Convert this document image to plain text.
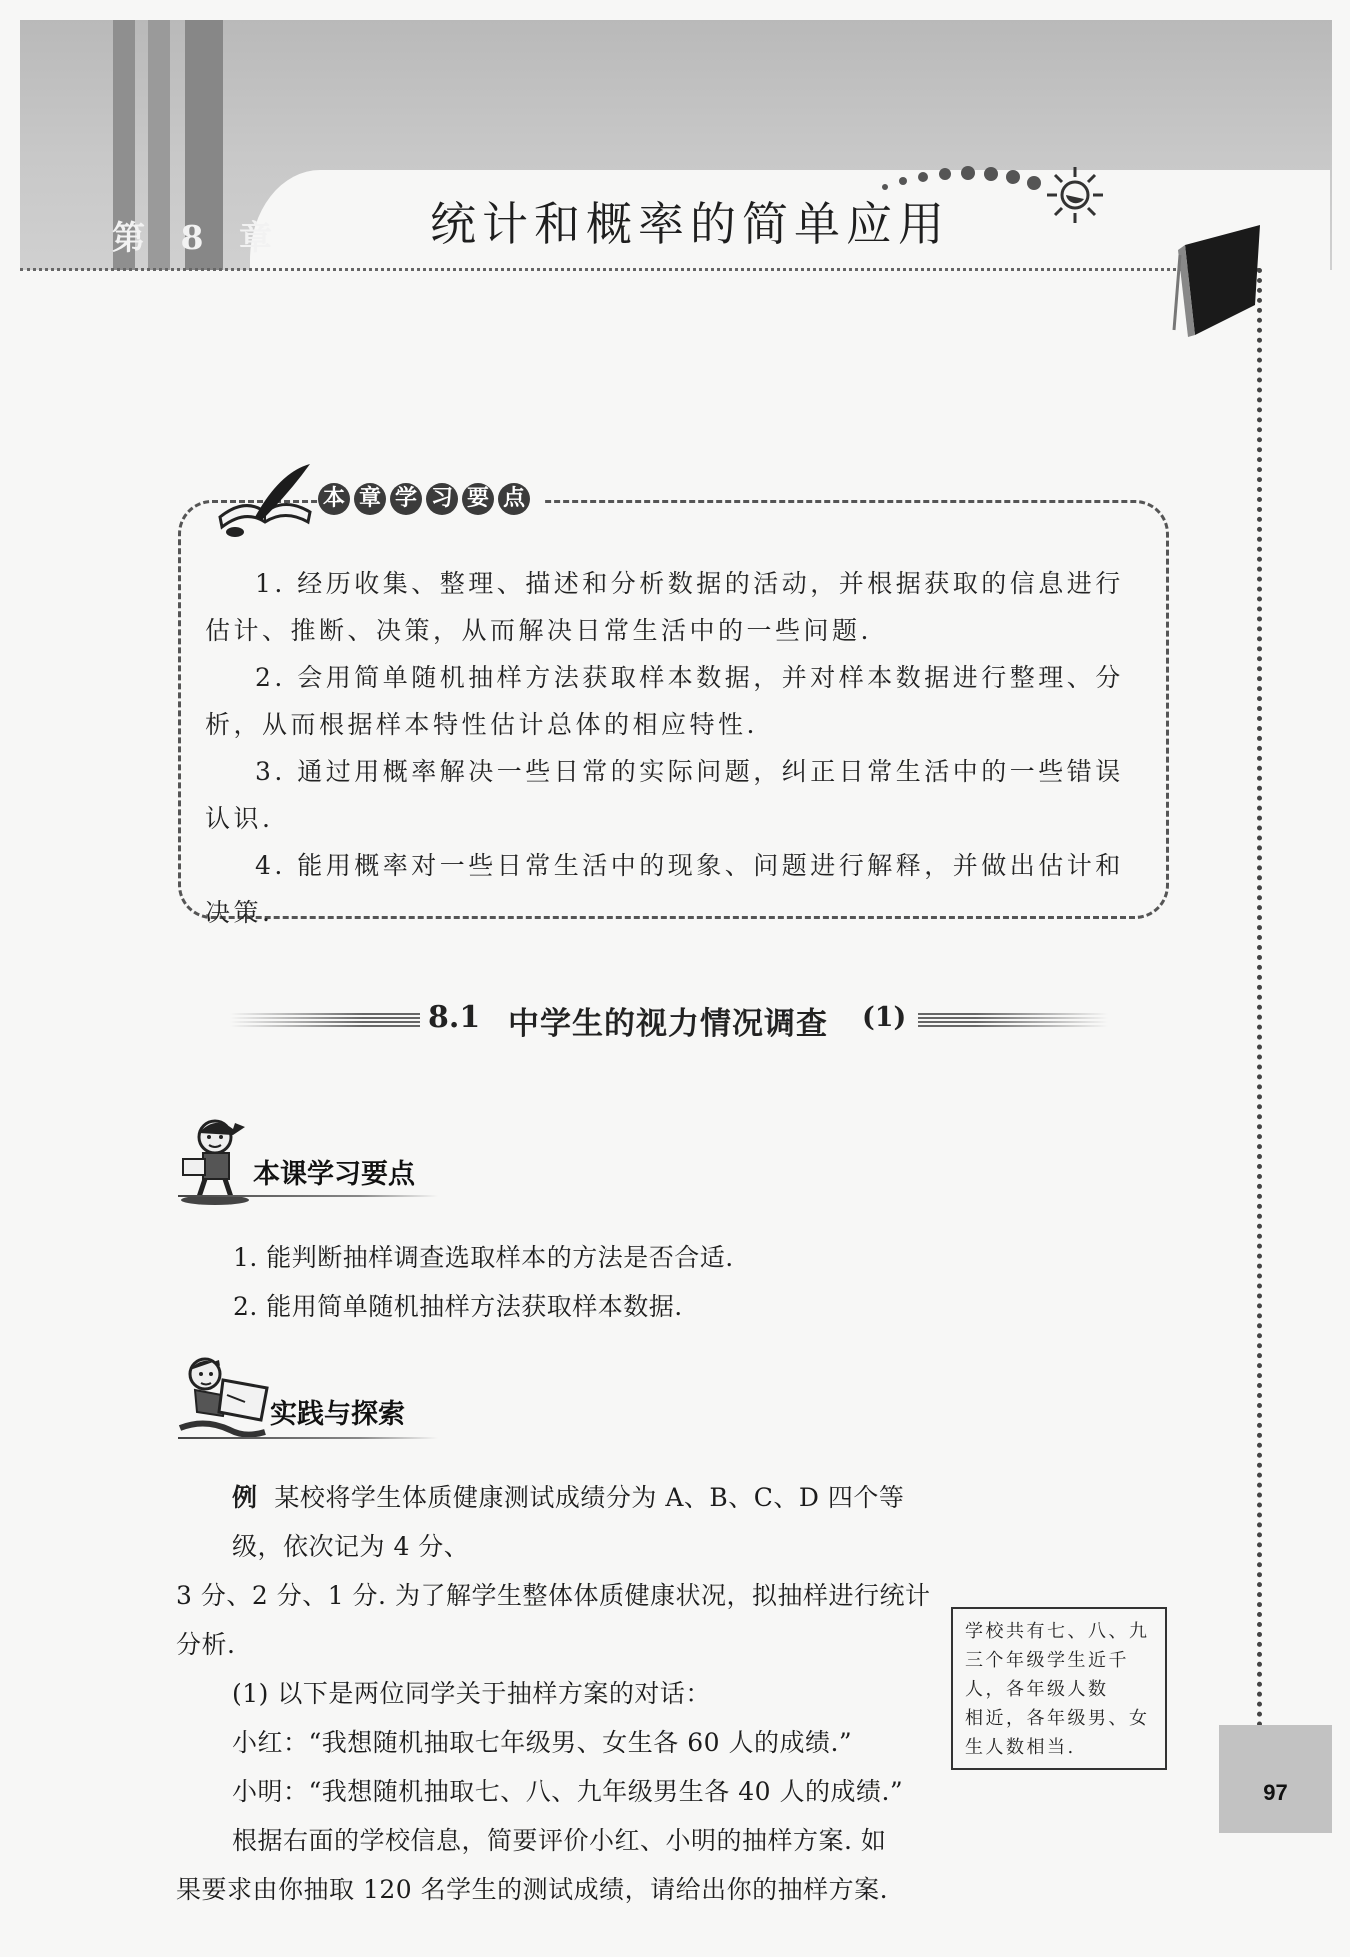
第 8 章	统计和概率的简单应用
本 章 学 习 要 点

1. 经历收集、整理、描述和分析数据的活动，并根据获取的信息进行估计、推断、决策，从而解决日常生活中的一些问题.

2. 会用简单随机抽样方法获取样本数据，并对样本数据进行整理、分析，从而根据样本特性估计总体的相应特性.

3. 通过用概率解决一些日常的实际问题，纠正日常生活中的一些错误认识.

4. 能用概率对一些日常生活中的现象、问题进行解释，并做出估计和决策.

8.1 中学生的视力情况调查 (1)
本课学习要点
1. 能判断抽样调查选取样本的方法是否合适.
2. 能用简单随机抽样方法获取样本数据.
实践与探索
例 某校将学生体质健康测试成绩分为 A、B、C、D 四个等级，依次记为 4 分、
3 分、2 分、1 分. 为了解学生整体体质健康状况，拟抽样进行统计分析.
(1) 以下是两位同学关于抽样方案的对话：
小红：“我想随机抽取七年级男、女生各 60 人的成绩.”
小明：“我想随机抽取七、八、九年级男生各 40 人的成绩.”
根据右面的学校信息，简要评价小红、小明的抽样方案. 如
果要求由你抽取 120 名学生的测试成绩，请给出你的抽样方案.
学校共有七、八、九
三个年级学生近千
人，各年级人数
相近，各年级男、女
生人数相当.
97
